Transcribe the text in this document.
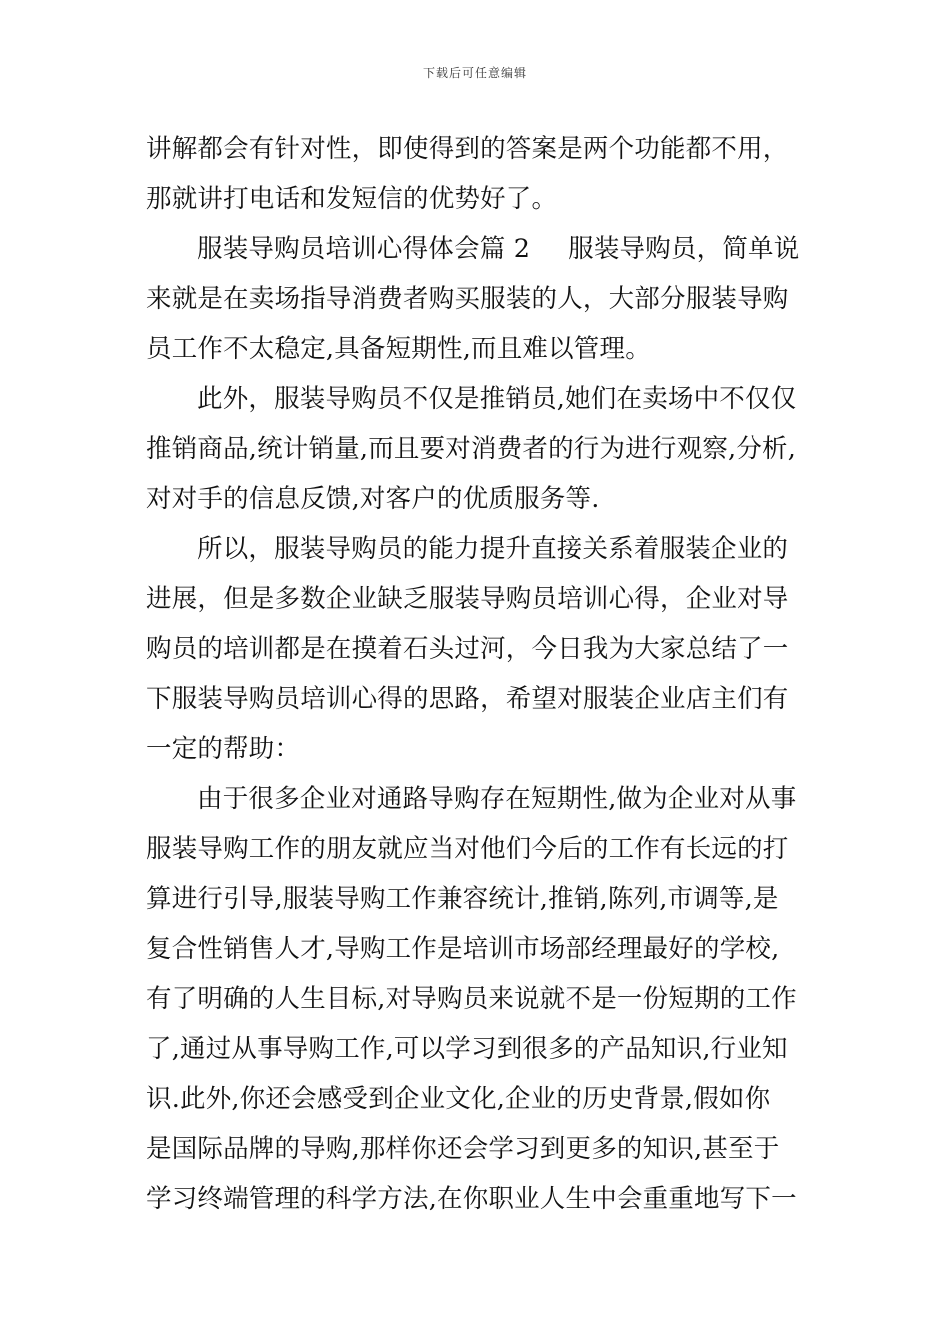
下载后可任意编辑
讲解都会有针对性，即使得到的答案是两个功能都不用，
那就讲打电话和发短信的优势好了。
服装导购员培训心得体会篇 2 服装导购员，简单说
来就是在卖场指导消费者购买服装的人，大部分服装导购
员工作不太稳定,具备短期性,而且难以管理。
此外，服装导购员不仅是推销员,她们在卖场中不仅仅
推销商品,统计销量,而且要对消费者的行为进行观察,分析,
对对手的信息反馈,对客户的优质服务等.
所以，服装导购员的能力提升直接关系着服装企业的
进展，但是多数企业缺乏服装导购员培训心得，企业对导
购员的培训都是在摸着石头过河，今日我为大家总结了一
下服装导购员培训心得的思路，希望对服装企业店主们有
一定的帮助：
由于很多企业对通路导购存在短期性,做为企业对从事
服装导购工作的朋友就应当对他们今后的工作有长远的打
算进行引导,服装导购工作兼容统计,推销,陈列,市调等,是
复合性销售人才,导购工作是培训市场部经理最好的学校,
有了明确的人生目标,对导购员来说就不是一份短期的工作
了,通过从事导购工作,可以学习到很多的产品知识,行业知
识.此外,你还会感受到企业文化,企业的历史背景,假如你
是国际品牌的导购,那样你还会学习到更多的知识,甚至于
学习终端管理的科学方法,在你职业人生中会重重地写下一
